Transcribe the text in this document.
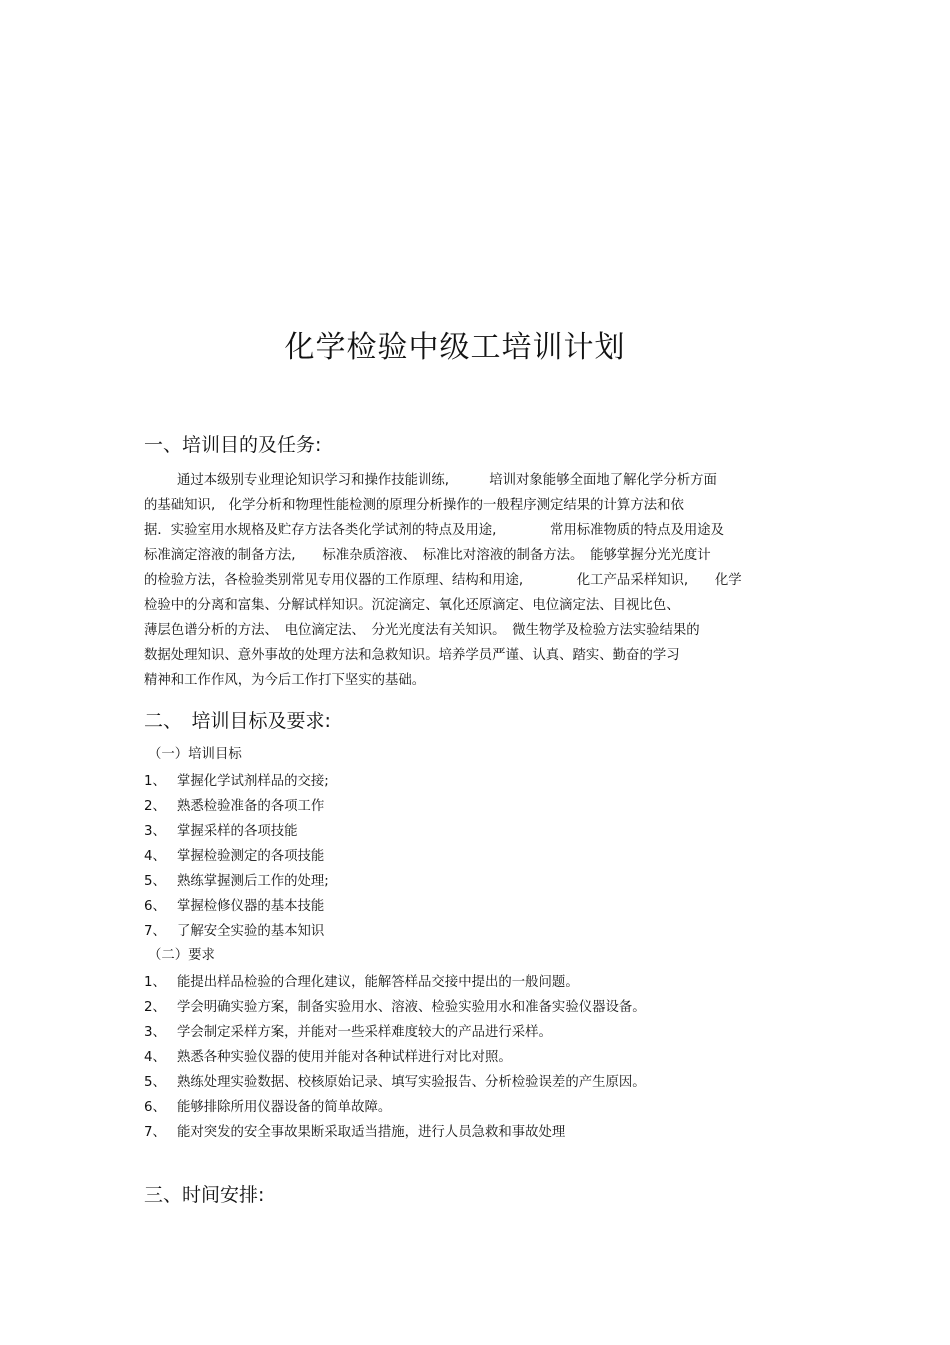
化学检验中级工培训计划
一、培训目的及任务:
通过本级别专业理论知识学习和操作技能训练,　　　培训对象能够全面地了解化学分析方面
的基础知识,　化学分析和物理性能检测的原理分析操作的一般程序测定结果的计算方法和依
据．实验室用水规格及贮存方法各类化学试剂的特点及用途,　　　　常用标准物质的特点及用途及
标准滴定溶液的制备方法,　　标准杂质溶液、　标准比对溶液的制备方法。　能够掌握分光光度计
的检验方法，各检验类别常见专用仪器的工作原理、结构和用途,　　　　化工产品采样知识,　　化学
检验中的分离和富集、分解试样知识。沉淀滴定、氧化还原滴定、电位滴定法、目视比色、
薄层色谱分析的方法、　电位滴定法、　分光光度法有关知识。　微生物学及检验方法实验结果的
数据处理知识、意外事故的处理方法和急救知识。培养学员严谨、认真、踏实、勤奋的学习
精神和工作作风，为今后工作打下坚实的基础。
二、　培训目标及要求:
（一）培训目标
1、 掌握化学试剂样品的交接;
2、 熟悉检验准备的各项工作
3、 掌握采样的各项技能
4、 掌握检验测定的各项技能
5、 熟练掌握测后工作的处理;
6、 掌握检修仪器的基本技能
7、 了解安全实验的基本知识
（二）要求
1、 能提出样品检验的合理化建议，能解答样品交接中提出的一般问题。
2、 学会明确实验方案，制备实验用水、溶液、检验实验用水和准备实验仪器设备。
3、 学会制定采样方案，并能对一些采样难度较大的产品进行采样。
4、 熟悉各种实验仪器的使用并能对各种试样进行对比对照。
5、 熟练处理实验数据、校核原始记录、填写实验报告、分析检验误差的产生原因。
6、 能够排除所用仪器设备的简单故障。
7、 能对突发的安全事故果断采取适当措施，进行人员急救和事故处理
三、时间安排:
